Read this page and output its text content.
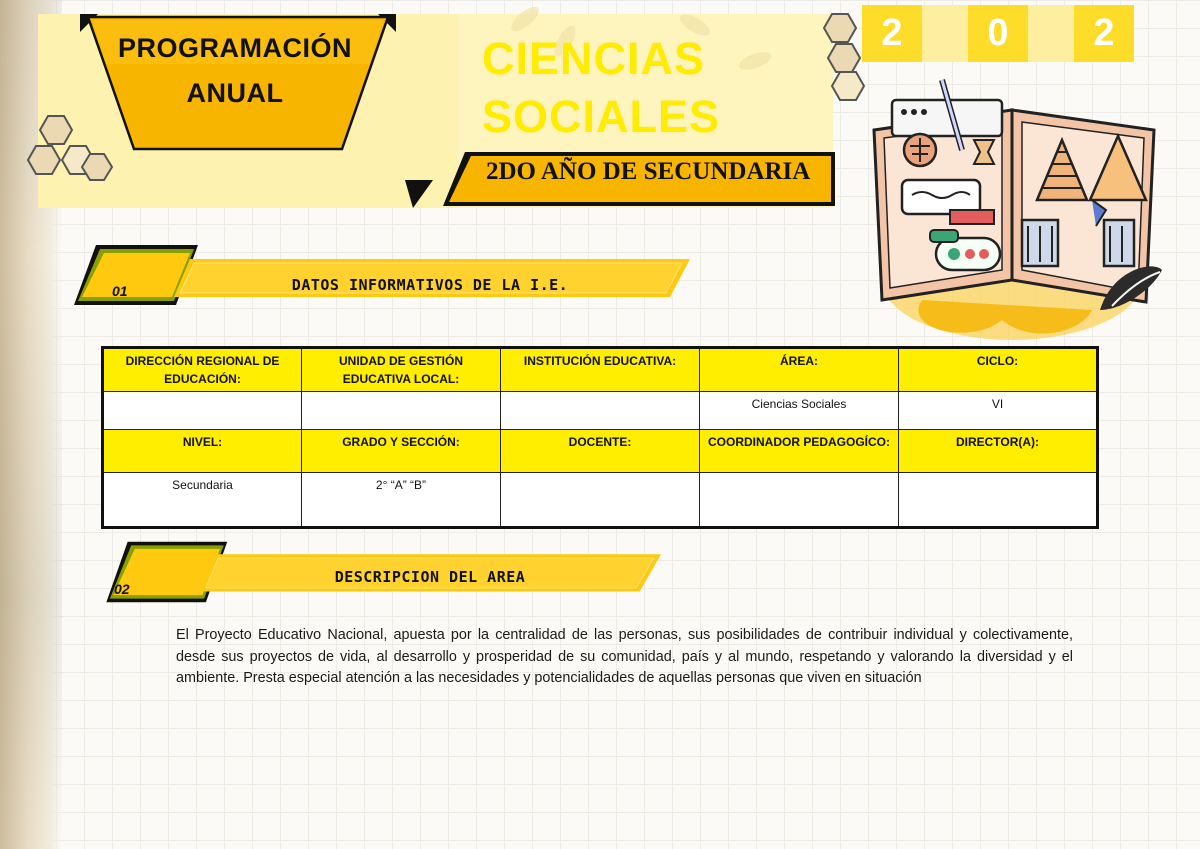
PROGRAMACIÓN
ANUAL
CIENCIAS
SOCIALES
2DO AÑO DE SECUNDARIA
2	0	2
01	DATOS INFORMATIVOS DE LA I.E.
DIRECCIÓN REGIONAL DE EDUCACIÓN:	UNIDAD DE GESTIÓN EDUCATIVA LOCAL:	INSTITUCIÓN EDUCATIVA:	ÁREA:	CICLO:
			Ciencias Sociales	VI
NIVEL:	GRADO Y SECCIÓN:	DOCENTE:	COORDINADOR PEDAGOGÍCO:	DIRECTOR(A):
Secundaria	2° “A” “B”			
02
DESCRIPCION DEL AREA
El Proyecto Educativo Nacional, apuesta por la centralidad de las personas, sus posibilidades de contribuir individual y colectivamente, desde sus proyectos de vida, al desarrollo y prosperidad de su comunidad, país y al mundo, respetando y valorando la diversidad y el ambiente. Presta especial atención a las necesidades y potencialidades de aquellas personas que viven en situación
